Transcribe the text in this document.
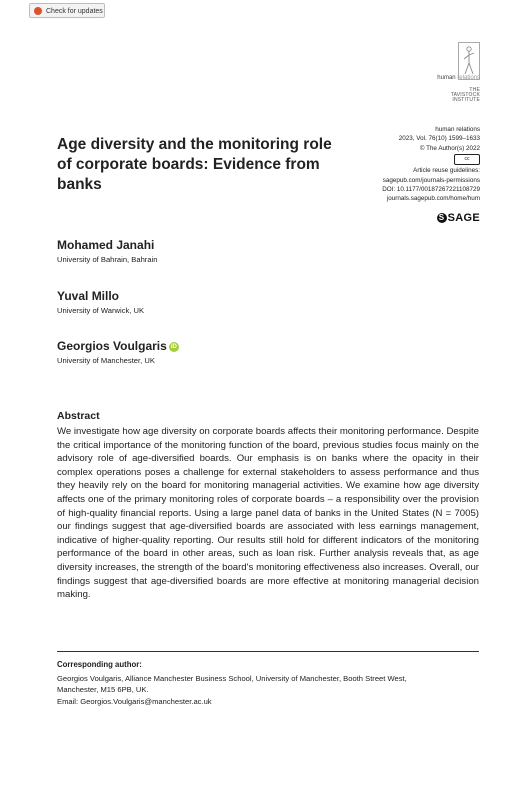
Check for updates
human relations
THE
TAVISTOCK
INSTITUTE
Age diversity and the monitoring role of corporate boards: Evidence from banks
human relations
2023, Vol. 76(10) 1599–1633
© The Author(s) 2022
cc
Article reuse guidelines:
sagepub.com/journals-permissions
DOI: 10.1177/00187267221108729
journals.sagepub.com/home/hum
S SAGE
Mohamed Janahi
University of Bahrain, Bahrain
Yuval Millo
University of Warwick, UK
Georgios Voulgaris iD
University of Manchester, UK
Abstract
We investigate how age diversity on corporate boards affects their monitoring performance. Despite the critical importance of the monitoring function of the board, previous studies focus mainly on the advisory role of age-diversified boards. Our emphasis is on banks where the opacity in their complex operations poses a challenge for external stakeholders to assess performance and thus they heavily rely on the board for monitoring managerial activities. We examine how age diversity affects one of the primary monitoring roles of corporate boards – a responsibility over the provision of high-quality financial reports. Using a large panel data of banks in the United States (N = 7005) our findings suggest that age-diversified boards are associated with less earnings management, indicative of higher-quality reporting. Our results still hold for different indicators of the monitoring performance of the board in other areas, such as loan risk. Further analysis reveals that, as age diversity increases, the strength of the board's monitoring effectiveness also increases. Overall, our findings suggest that age-diversified boards are more effective at monitoring managerial decision making.
Corresponding author:
Georgios Voulgaris, Alliance Manchester Business School, University of Manchester, Booth Street West,
Manchester, M15 6PB, UK.
Email: Georgios.Voulgaris@manchester.ac.uk
